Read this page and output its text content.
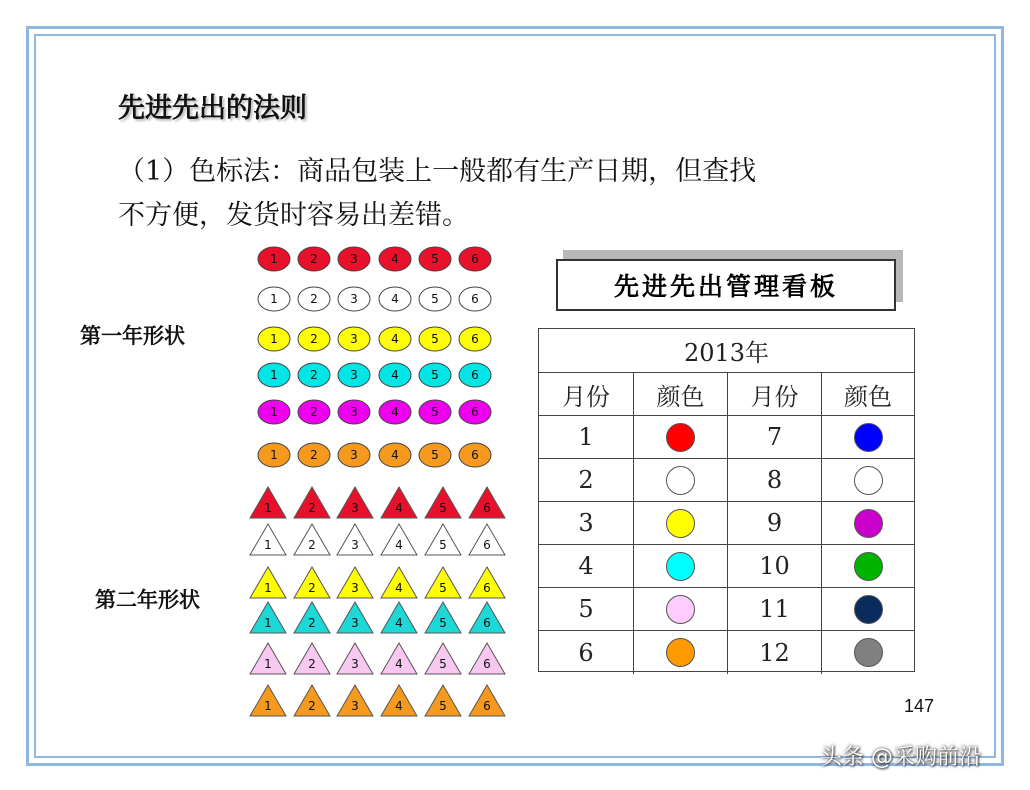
先进先出的法则
（1）色标法：商品包装上一般都有生产日期，但查找
不方便，发货时容易出差错。
第一年形状
第二年形状
1	2	3	4	5	6
1	2	3	4	5	6
1	2	3	4	5	6
1	2	3	4	5	6
1	2	3	4	5	6
1	2	3	4	5	6
1	2	3	4	5	6
1	2	3	4	5	6
1	2	3	4	5	6
1	2	3	4	5	6
1	2	3	4	5	6
1	2	3	4	5	6
先进先出管理看板
2013年
月份	颜色	月份	颜色
1	7
2	8
3	9
4	10
5	11
6	12
147
头条 @采购前沿
